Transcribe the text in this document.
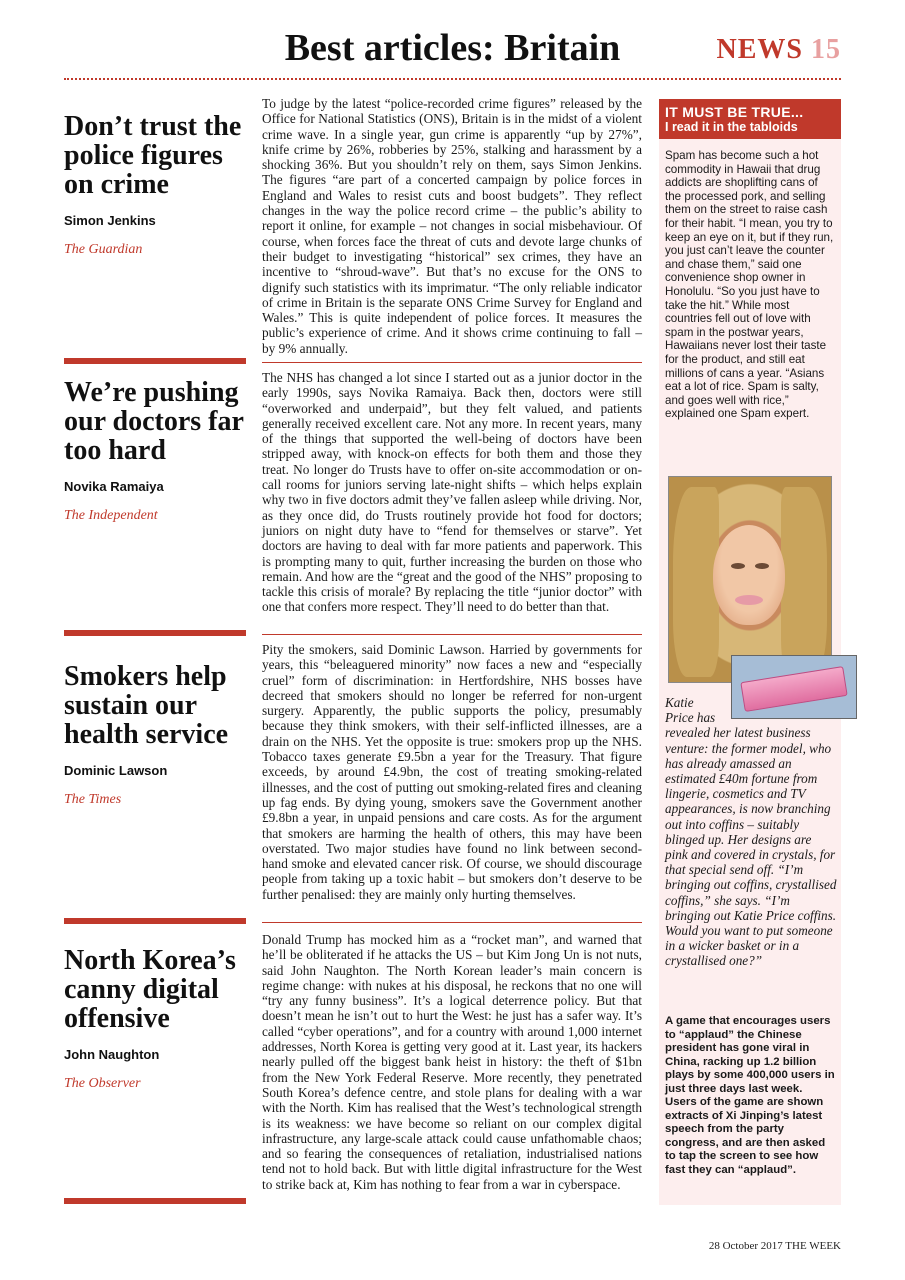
Best articles: Britain	NEWS 15
Don’t trust the police figures on crime
Simon Jenkins
The Guardian
To judge by the latest “police-recorded crime figures” released by the Office for National Statistics (ONS), Britain is in the midst of a violent crime wave. In a single year, gun crime is apparently “up by 27%”, knife crime by 26%, robberies by 25%, stalking and harassment by a shocking 36%. But you shouldn’t rely on them, says Simon Jenkins. The figures “are part of a concerted campaign by police forces in England and Wales to resist cuts and boost budgets”. They reflect changes in the way the police record crime – the public’s ability to report it online, for example – not changes in social misbehaviour. Of course, when forces face the threat of cuts and devote large chunks of their budget to investigating “historical” sex crimes, they have an incentive to “shroud-wave”. But that’s no excuse for the ONS to dignify such statistics with its imprimatur. “The only reliable indicator of crime in Britain is the separate ONS Crime Survey for England and Wales.” This is quite independent of police forces. It measures the public’s experience of crime. And it shows crime continuing to fall – by 9% annually.
We’re pushing our doctors far too hard
Novika Ramaiya
The Independent
The NHS has changed a lot since I started out as a junior doctor in the early 1990s, says Novika Ramaiya. Back then, doctors were still “overworked and underpaid”, but they felt valued, and patients generally received excellent care. Not any more. In recent years, many of the things that supported the well-being of doctors have been stripped away, with knock-on effects for both them and those they treat. No longer do Trusts have to offer on-site accommodation or on-call rooms for juniors serving late-night shifts – which helps explain why two in five doctors admit they’ve fallen asleep while driving. Nor, as they once did, do Trusts routinely provide hot food for doctors; juniors on night duty have to “fend for themselves or starve”. Yet doctors are having to deal with far more patients and paperwork. This is prompting many to quit, further increasing the burden on those who remain. And how are the “great and the good of the NHS” proposing to tackle this crisis of morale? By replacing the title “junior doctor” with one that confers more respect. They’ll need to do better than that.
Smokers help sustain our health service
Dominic Lawson
The Times
Pity the smokers, said Dominic Lawson. Harried by governments for years, this “beleaguered minority” now faces a new and “especially cruel” form of discrimination: in Hertfordshire, NHS bosses have decreed that smokers should no longer be referred for non-urgent surgery. Apparently, the public supports the policy, presumably because they think smokers, with their self-inflicted illnesses, are a drain on the NHS. Yet the opposite is true: smokers prop up the NHS. Tobacco taxes generate £9.5bn a year for the Treasury. That figure exceeds, by around £4.9bn, the cost of treating smoking-related illnesses, and the cost of putting out smoking-related fires and cleaning up fag ends. By dying young, smokers save the Government another £9.8bn a year, in unpaid pensions and care costs. As for the argument that smokers are harming the health of others, this may have been overstated. Two major studies have found no link between second-hand smoke and elevated cancer risk. Of course, we should discourage people from taking up a toxic habit – but smokers don’t deserve to be further penalised: they are mainly only hurting themselves.
North Korea’s canny digital offensive
John Naughton
The Observer
Donald Trump has mocked him as a “rocket man”, and warned that he’ll be obliterated if he attacks the US – but Kim Jong Un is not nuts, said John Naughton. The North Korean leader’s main concern is regime change: with nukes at his disposal, he reckons that no one will “try any funny business”. It’s a logical deterrence policy. But that doesn’t mean he isn’t out to hurt the West: he just has a safer way. It’s called “cyber operations”, and for a country with around 1,000 internet addresses, North Korea is getting very good at it. Last year, its hackers nearly pulled off the biggest bank heist in history: the theft of $1bn from the New York Federal Reserve. More recently, they penetrated South Korea’s defence centre, and stole plans for dealing with a war with the North. Kim has realised that the West’s technological strength is its weakness: we have become so reliant on our complex digital infrastructure, any large-scale attack could cause unfathomable chaos; and so fearing the consequences of retaliation, industrialised nations tend not to hold back. But with little digital infrastructure for the West to strike back at, Kim has nothing to fear from a war in cyberspace.
IT MUST BE TRUE...
I read it in the tabloids
Spam has become such a hot commodity in Hawaii that drug addicts are shoplifting cans of the processed pork, and selling them on the street to raise cash for their habit. “I mean, you try to keep an eye on it, but if they run, you just can’t leave the counter and chase them,” said one convenience shop owner in Honolulu. “So you just have to take the hit.” While most countries fell out of love with spam in the postwar years, Hawaiians never lost their taste for the product, and still eat millions of cans a year. “Asians eat a lot of rice. Spam is salty, and goes well with rice,” explained one Spam expert.
Katie Price has revealed her latest business venture: the former model, who has already amassed an estimated £40m fortune from lingerie, cosmetics and TV appearances, is now branching out into coffins – suitably blinged up. Her designs are pink and covered in crystals, for that special send off. “I’m bringing out coffins, crystallised coffins,” she says. “I’m bringing out Katie Price coffins. Would you want to put someone in a wicker basket or in a crystallised one?”
A game that encourages users to “applaud” the Chinese president has gone viral in China, racking up 1.2 billion plays by some 400,000 users in just three days last week. Users of the game are shown extracts of Xi Jinping’s latest speech from the party congress, and are then asked to tap the screen to see how fast they can “applaud”.
28 October 2017 THE WEEK
